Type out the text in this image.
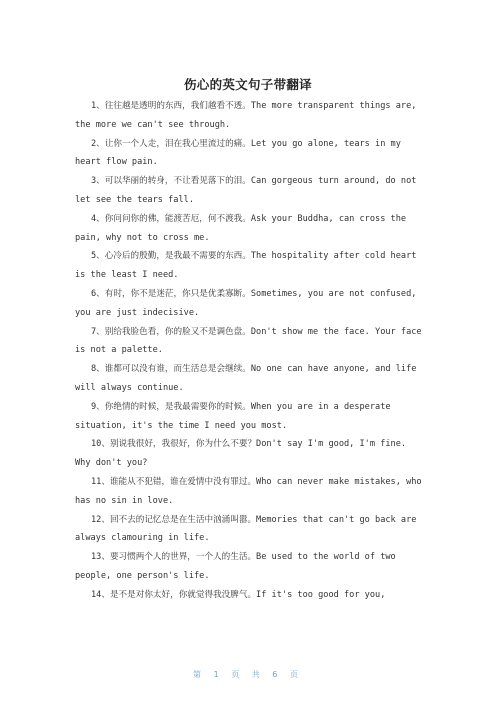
伤心的英文句子带翻译

1、往往越是透明的东西，我们越看不透。The more transparent things are, the more we can't see through.

2、让你一个人走，泪在我心里流过的痛。Let you go alone, tears in my heart flow pain.

3、可以华丽的转身，不让看见落下的泪。Can gorgeous turn around, do not let see the tears fall.

4、你问问你的佛，能渡苦厄，何不渡我。Ask your Buddha, can cross the pain, why not to cross me.

5、心冷后的殷勤，是我最不需要的东西。The hospitality after cold heart is the least I need.

6、有时，你不是迷茫，你只是优柔寡断。Sometimes, you are not confused, you are just indecisive.

7、别给我脸色看，你的脸又不是调色盘。Don't show me the face. Your face is not a palette.

8、谁都可以没有谁，而生活总是会继续。No one can have anyone, and life will always continue.

9、你绝情的时候，是我最需要你的时候。When you are in a desperate situation, it's the time I need you most.

10、别说我很好，我很好，你为什么不要？Don't say I'm good, I'm fine. Why don't you?

11、谁能从不犯错，谁在爱情中没有罪过。Who can never make mistakes, who has no sin in love.

12、回不去的记忆总是在生活中汹涌叫嚣。Memories that can't go back are always clamouring in life.

13、要习惯两个人的世界，一个人的生活。Be used to the world of two people, one person's life.

14、是不是对你太好，你就觉得我没脾气。If it's too good for you,

第 1 页 共 6 页
